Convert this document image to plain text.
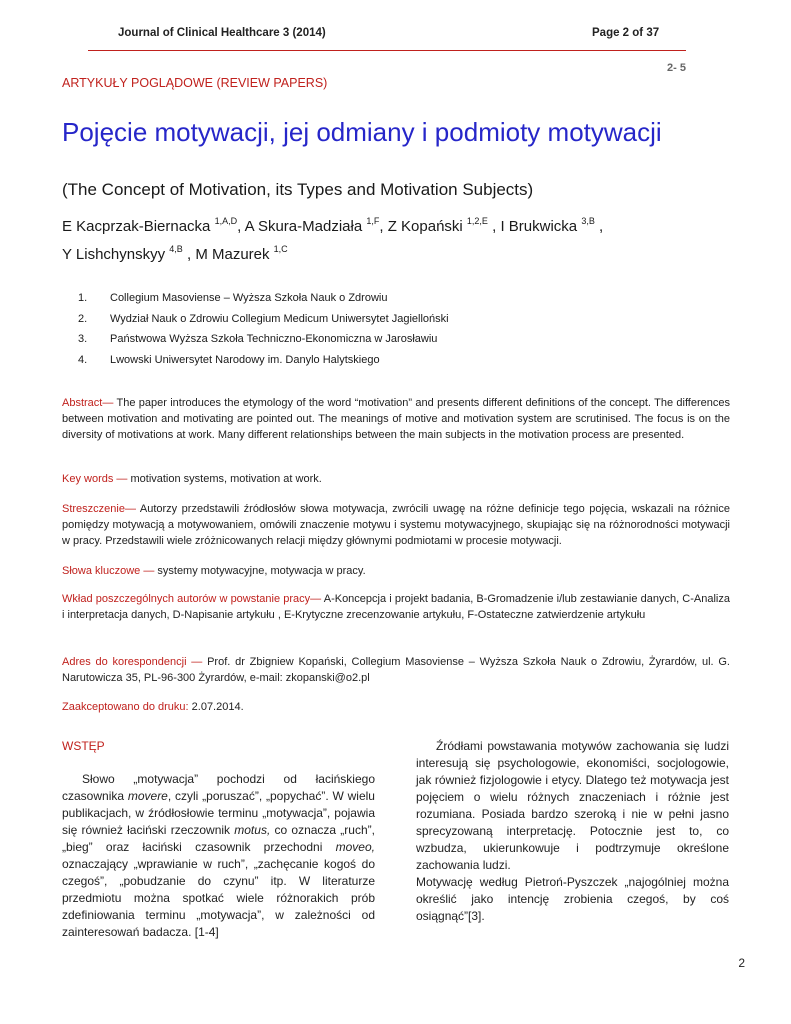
Journal of Clinical Healthcare 3 (2014)	Page 2 of 37
2- 5
ARTYKUŁY POGLĄDOWE (REVIEW PAPERS)
Pojęcie motywacji, jej odmiany i podmioty motywacji
(The Concept of Motivation, its Types and Motivation Subjects)
E Kacprzak-Biernacka $^{1,A,D}$, A Skura-Madziała $^{1,F}$, Z Kopański $^{1,2,E}$ , I Brukwicka $^{3,B}$ ,
Y Lishchynskyy $^{4,B}$ , M Mazurek $^{1,C}$
1.	Collegium Masoviense – Wyższa Szkoła Nauk o Zdrowiu
2.	Wydział Nauk o Zdrowiu Collegium Medicum Uniwersytet Jagielloński
3.	Państwowa Wyższa Szkoła Techniczno-Ekonomiczna w Jarosławiu
4.	Lwowski Uniwersytet Narodowy im. Danylo Halytskiego
Abstract— The paper introduces the etymology of the word “motivation” and presents different definitions of the concept. The differences between motivation and motivating are pointed out. The meanings of motive and motivation system are scrutinised. The focus is on the diversity of motivations at work. Many different relationships between the main subjects in the motivation process are presented.
Key words — motivation systems, motivation at work.
Streszczenie— Autorzy przedstawili źródłosłów słowa motywacja, zwrócili uwagę na różne definicje tego pojęcia, wskazali na różnice pomiędzy motywacją a motywowaniem, omówili znaczenie motywu i systemu motywacyjnego, skupiając się na różnorodności motywacji w pracy. Przedstawili wiele zróżnicowanych relacji między głównymi podmiotami w procesie motywacji.
Słowa kluczowe — systemy motywacyjne, motywacja w pracy.
Wkład poszczególnych autorów w powstanie pracy— A-Koncepcja i projekt badania, B-Gromadzenie i/lub zestawianie danych, C-Analiza i interpretacja danych, D-Napisanie artykułu , E-Krytyczne zrecenzowanie artykułu, F-Ostateczne zatwierdzenie artykułu
Adres do korespondencji — Prof. dr Zbigniew Kopański, Collegium Masoviense – Wyższa Szkoła Nauk o Zdrowiu, Żyrardów, ul. G. Narutowicza 35, PL-96-300 Żyrardów, e-mail: zkopanski@o2.pl
Zaakceptowano do druku: 2.07.2014.
WSTĘP

Słowo „motywacja” pochodzi od łacińskiego czasownika movere, czyli „poruszać”, „popychać”. W wielu publikacjach, w źródłosłowie terminu „motywacja”, pojawia się również łaciński rzeczownik motus, co oznacza „ruch”, „bieg” oraz łaciński czasownik przechodni moveo, oznaczający „wprawianie w ruch”, „zachęcanie kogoś do czegoś”, „pobudzanie do czynu” itp. W literaturze przedmiotu można spotkać wiele różnorakich prób zdefiniowania terminu „motywacja”, w zależności od zainteresowań badacza. [1-4]

Źródłami powstawania motywów zachowania się ludzi interesują się psychologowie, ekonomiści, socjologowie, jak również fizjologowie i etycy. Dlatego też motywacja jest pojęciem o wielu różnych znaczeniach i różnie jest rozumiana. Posiada bardzo szeroką i nie w pełni jasno sprecyzowaną interpretację. Potocznie jest to, co wzbudza, ukierunkowuje i podtrzymuje określone zachowania ludzi.

Motywację według Pietroń-Pyszczek „najogólniej można określić jako intencję zrobienia czegoś, by coś osiągnąć”[3].

2
